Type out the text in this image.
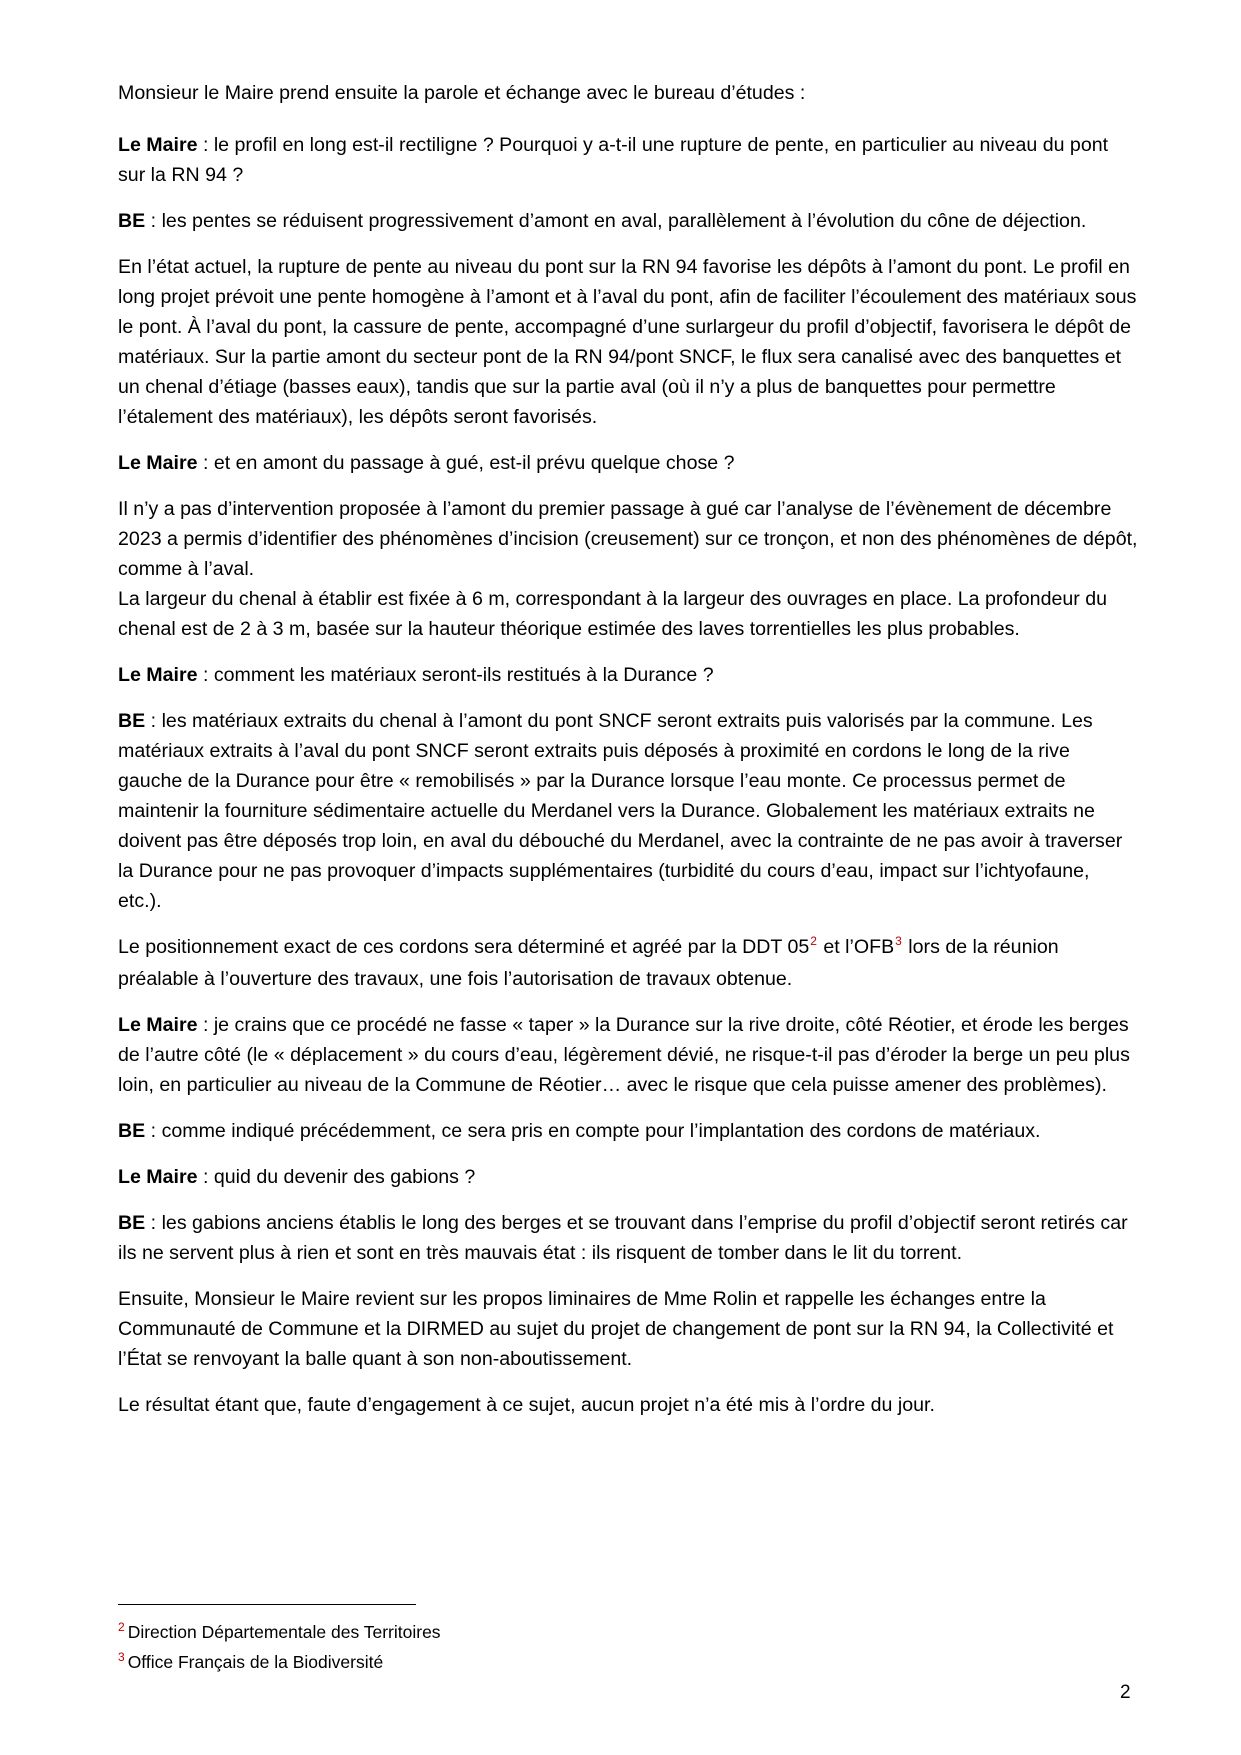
Monsieur le Maire prend ensuite la parole et échange avec le bureau d’études :

Le Maire : le profil en long est-il rectiligne ? Pourquoi y a-t-il une rupture de pente, en particulier au niveau du pont sur la RN 94 ?

BE : les pentes se réduisent progressivement d’amont en aval, parallèlement à l’évolution du cône de déjection.

En l’état actuel, la rupture de pente au niveau du pont sur la RN 94 favorise les dépôts à l’amont du pont. Le profil en long projet prévoit une pente homogène à l’amont et à l’aval du pont, afin de faciliter l’écoulement des matériaux sous le pont. À l’aval du pont, la cassure de pente, accompagné d’une surlargeur du profil d’objectif, favorisera le dépôt de matériaux. Sur la partie amont du secteur pont de la RN 94/pont SNCF, le flux sera canalisé avec des banquettes et un chenal d’étiage (basses eaux), tandis que sur la partie aval (où il n’y a plus de banquettes pour permettre l’étalement des matériaux), les dépôts seront favorisés.

Le Maire : et en amont du passage à gué, est-il prévu quelque chose ?

Il n’y a pas d’intervention proposée à l’amont du premier passage à gué car l’analyse de l’évènement de décembre 2023 a permis d’identifier des phénomènes d’incision (creusement) sur ce tronçon, et non des phénomènes de dépôt, comme à l’aval.
La largeur du chenal à établir est fixée à 6 m, correspondant à la largeur des ouvrages en place. La profondeur du chenal est de 2 à 3 m, basée sur la hauteur théorique estimée des laves torrentielles les plus probables.

Le Maire : comment les matériaux seront-ils restitués à la Durance ?

BE : les matériaux extraits du chenal à l’amont du pont SNCF seront extraits puis valorisés par la commune. Les matériaux extraits à l’aval du pont SNCF seront extraits puis déposés à proximité en cordons le long de la rive gauche de la Durance pour être « remobilisés » par la Durance lorsque l’eau monte. Ce processus permet de maintenir la fourniture sédimentaire actuelle du Merdanel vers la Durance. Globalement les matériaux extraits ne doivent pas être déposés trop loin, en aval du débouché du Merdanel, avec la contrainte de ne pas avoir à traverser la Durance pour ne pas provoquer d’impacts supplémentaires (turbidité du cours d’eau, impact sur l’ichtyofaune, etc.).

Le positionnement exact de ces cordons sera déterminé et agréé par la DDT $05^2$ et l’OFB$^3$ lors de la réunion préalable à l’ouverture des travaux, une fois l’autorisation de travaux obtenue.

Le Maire : je crains que ce procédé ne fasse « taper » la Durance sur la rive droite, côté Réotier, et érode les berges de l’autre côté (le « déplacement » du cours d’eau, légèrement dévié, ne risque-t-il pas d’éroder la berge un peu plus loin, en particulier au niveau de la Commune de Réotier… avec le risque que cela puisse amener des problèmes).

BE : comme indiqué précédemment, ce sera pris en compte pour l’implantation des cordons de matériaux.

Le Maire : quid du devenir des gabions ?

BE : les gabions anciens établis le long des berges et se trouvant dans l’emprise du profil d’objectif seront retirés car ils ne servent plus à rien et sont en très mauvais état : ils risquent de tomber dans le lit du torrent.

Ensuite, Monsieur le Maire revient sur les propos liminaires de Mme Rolin et rappelle les échanges entre la Communauté de Commune et la DIRMED au sujet du projet de changement de pont sur la RN 94, la Collectivité et l’État se renvoyant la balle quant à son non-aboutissement.

Le résultat étant que, faute d’engagement à ce sujet, aucun projet n’a été mis à l’ordre du jour.

$^2$ Direction Départementale des Territoires
$^3$ Office Français de la Biodiversité
2
